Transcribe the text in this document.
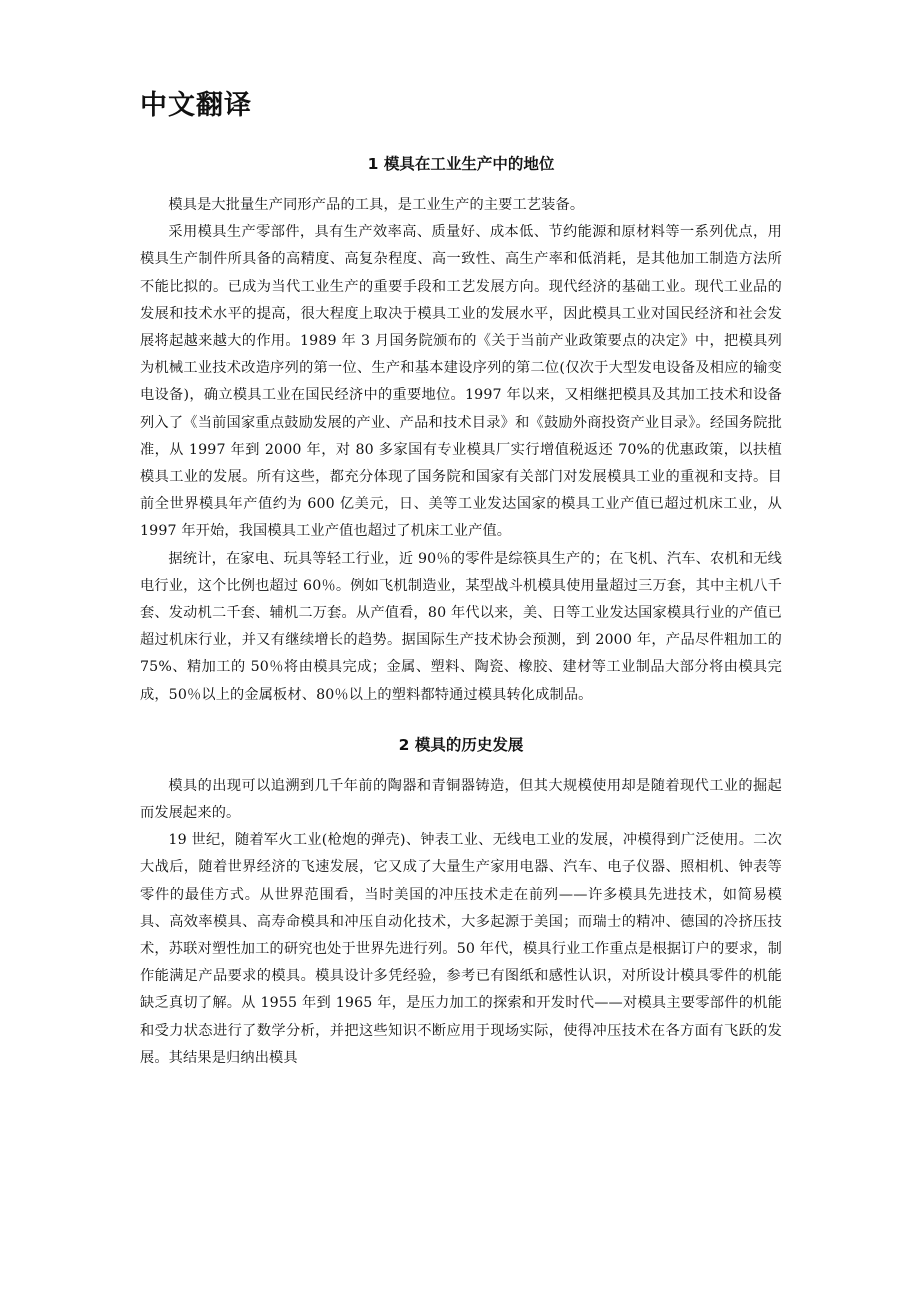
中文翻译
1 模具在工业生产中的地位

模具是大批量生产同形产品的工具，是工业生产的主要工艺装备。

采用模具生产零部件，具有生产效率高、质量好、成本低、节约能源和原材料等一系列优点，用模具生产制件所具备的高精度、高复杂程度、高一致性、高生产率和低消耗，是其他加工制造方法所不能比拟的。已成为当代工业生产的重要手段和工艺发展方向。现代经济的基础工业。现代工业品的发展和技术水平的提高，很大程度上取决于模具工业的发展水平，因此模具工业对国民经济和社会发展将起越来越大的作用。1989 年 3 月国务院颁布的《关于当前产业政策要点的决定》中，把模具列为机械工业技术改造序列的第一位、生产和基本建设序列的第二位(仅次于大型发电设备及相应的输变电设备)，确立模具工业在国民经济中的重要地位。1997 年以来，又相继把模具及其加工技术和设备列入了《当前国家重点鼓励发展的产业、产品和技术目录》和《鼓励外商投资产业目录》。经国务院批准，从 1997 年到 2000 年，对 80 多家国有专业模具厂实行增值税返还 70%的优惠政策，以扶植模具工业的发展。所有这些，都充分体现了国务院和国家有关部门对发展模具工业的重视和支持。目前全世界模具年产值约为 600 亿美元，日、美等工业发达国家的模具工业产值已超过机床工业，从 1997 年开始，我国模具工业产值也超过了机床工业产值。

据统计，在家电、玩具等轻工行业，近 90％的零件是综筷具生产的；在飞机、汽车、农机和无线电行业，这个比例也超过 60％。例如飞机制造业，某型战斗机模具使用量超过三万套，其中主机八千套、发动机二千套、辅机二万套。从产值看，80 年代以来，美、日等工业发达国家模具行业的产值已超过机床行业，并又有继续增长的趋势。据国际生产技术协会预测，到 2000 年，产品尽件粗加工的 75%、精加工的 50％将由模具完成；金属、塑料、陶瓷、橡胶、建材等工业制品大部分将由模具完成，50％以上的金属板材、80％以上的塑料都特通过模具转化成制品。

2 模具的历史发展

模具的出现可以追溯到几千年前的陶器和青铜器铸造，但其大规模使用却是随着现代工业的掘起而发展起来的。

19 世纪，随着军火工业(枪炮的弹壳)、钟表工业、无线电工业的发展，冲模得到广泛使用。二次大战后，随着世界经济的飞速发展，它又成了大量生产家用电器、汽车、电子仪器、照相机、钟表等零件的最佳方式。从世界范围看，当时美国的冲压技术走在前列——许多模具先进技术，如简易模具、高效率模具、高寿命模具和冲压自动化技术，大多起源于美国；而瑞士的精冲、德国的冷挤压技术，苏联对塑性加工的研究也处于世界先进行列。50 年代，模具行业工作重点是根据订户的要求，制作能满足产品要求的模具。模具设计多凭经验，参考已有图纸和感性认识，对所设计模具零件的机能缺乏真切了解。从 1955 年到 1965 年，是压力加工的探索和开发时代——对模具主要零部件的机能和受力状态进行了数学分析，并把这些知识不断应用于现场实际，使得冲压技术在各方面有飞跃的发展。其结果是归纳出模具
